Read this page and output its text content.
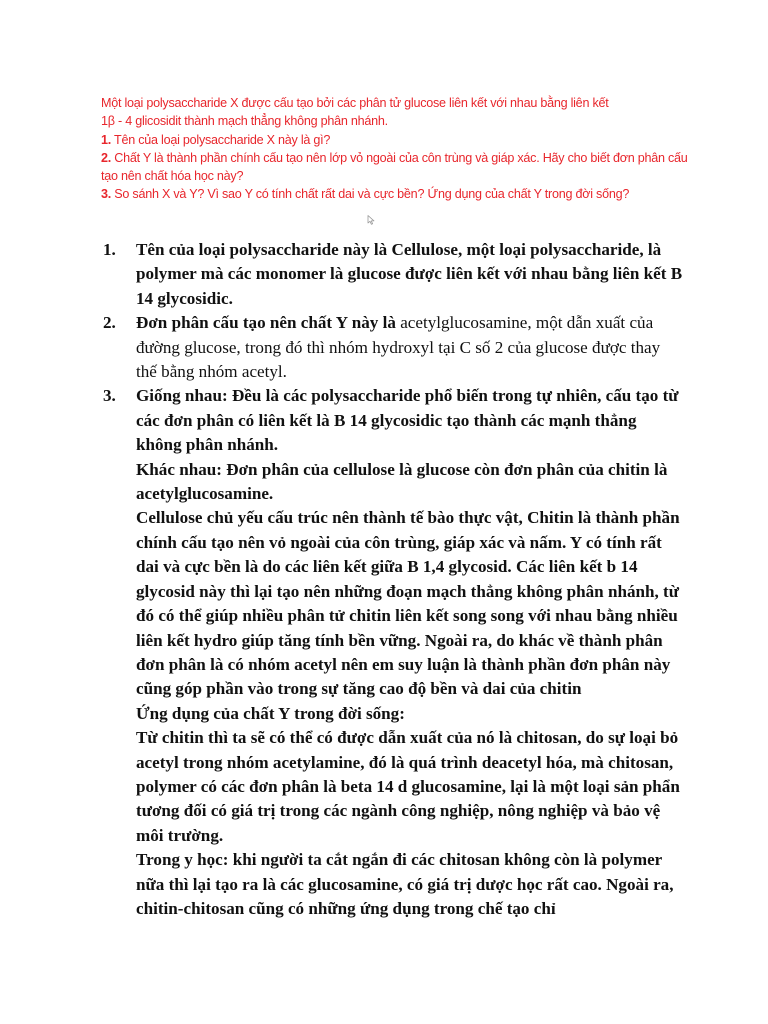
Một loại polysaccharide X được cấu tạo bởi các phân tử glucose liên kết với nhau bằng liên kết
1β - 4 glicosidit thành mạch thẳng không phân nhánh.

1. Tên của loại polysaccharide X này là gì?

2. Chất Y là thành phần chính cấu tạo nên lớp vỏ ngoài của côn trùng và giáp xác. Hãy cho biết đơn phân cấu tạo nên chất hóa học này?

3. So sánh X và Y? Vì sao Y có tính chất rất dai và cực bền? Ứng dụng của chất Y trong đời sống?

1. Tên của loại polysaccharide này là Cellulose, một loại polysaccharide, là polymer mà các monomer là glucose được liên kết với nhau bằng liên kết B 14 glycosidic.
2. Đơn phân cấu tạo nên chất Y này là acetylglucosamine, một dẫn xuất của đường glucose, trong đó thì nhóm hydroxyl tại C số 2 của glucose được thay thế bằng nhóm acetyl.
3. Giống nhau: Đều là các polysaccharide phổ biến trong tự nhiên, cấu tạo từ các đơn phân có liên kết là B 14 glycosidic tạo thành các mạnh thẳng không phân nhánh.

Khác nhau: Đơn phân của cellulose là glucose còn đơn phân của chitin là acetylglucosamine.

Cellulose chủ yếu cấu trúc nên thành tế bào thực vật, Chitin là thành phần chính cấu tạo nên vỏ ngoài của côn trùng, giáp xác và nấm. Y có tính rất dai và cực bền là do các liên kết giữa B 1,4 glycosid. Các liên kết b 14 glycosid này thì lại tạo nên những đoạn mạch thẳng không phân nhánh, từ đó có thể giúp nhiều phân tử chitin liên kết song song với nhau bằng nhiều liên kết hydro giúp tăng tính bền vững. Ngoài ra, do khác về thành phân đơn phân là có nhóm acetyl nên em suy luận là thành phần đơn phân này cũng góp phần vào trong sự tăng cao độ bền và dai của chitin

Ứng dụng của chất Y trong đời sống:

Từ chitin thì ta sẽ có thể có được dẫn xuất của nó là chitosan, do sự loại bỏ acetyl trong nhóm acetylamine, đó là quá trình deacetyl hóa, mà chitosan, polymer có các đơn phân là beta 14 d glucosamine, lại là một loại sản phẩn tương đối có giá trị trong các ngành công nghiệp, nông nghiệp và bảo vệ môi trường.

Trong y học: khi người ta cắt ngắn đi các chitosan không còn là polymer nữa thì lại tạo ra là các glucosamine, có giá trị dược học rất cao. Ngoài ra, chitin-chitosan cũng có những ứng dụng trong chế tạo chỉ
